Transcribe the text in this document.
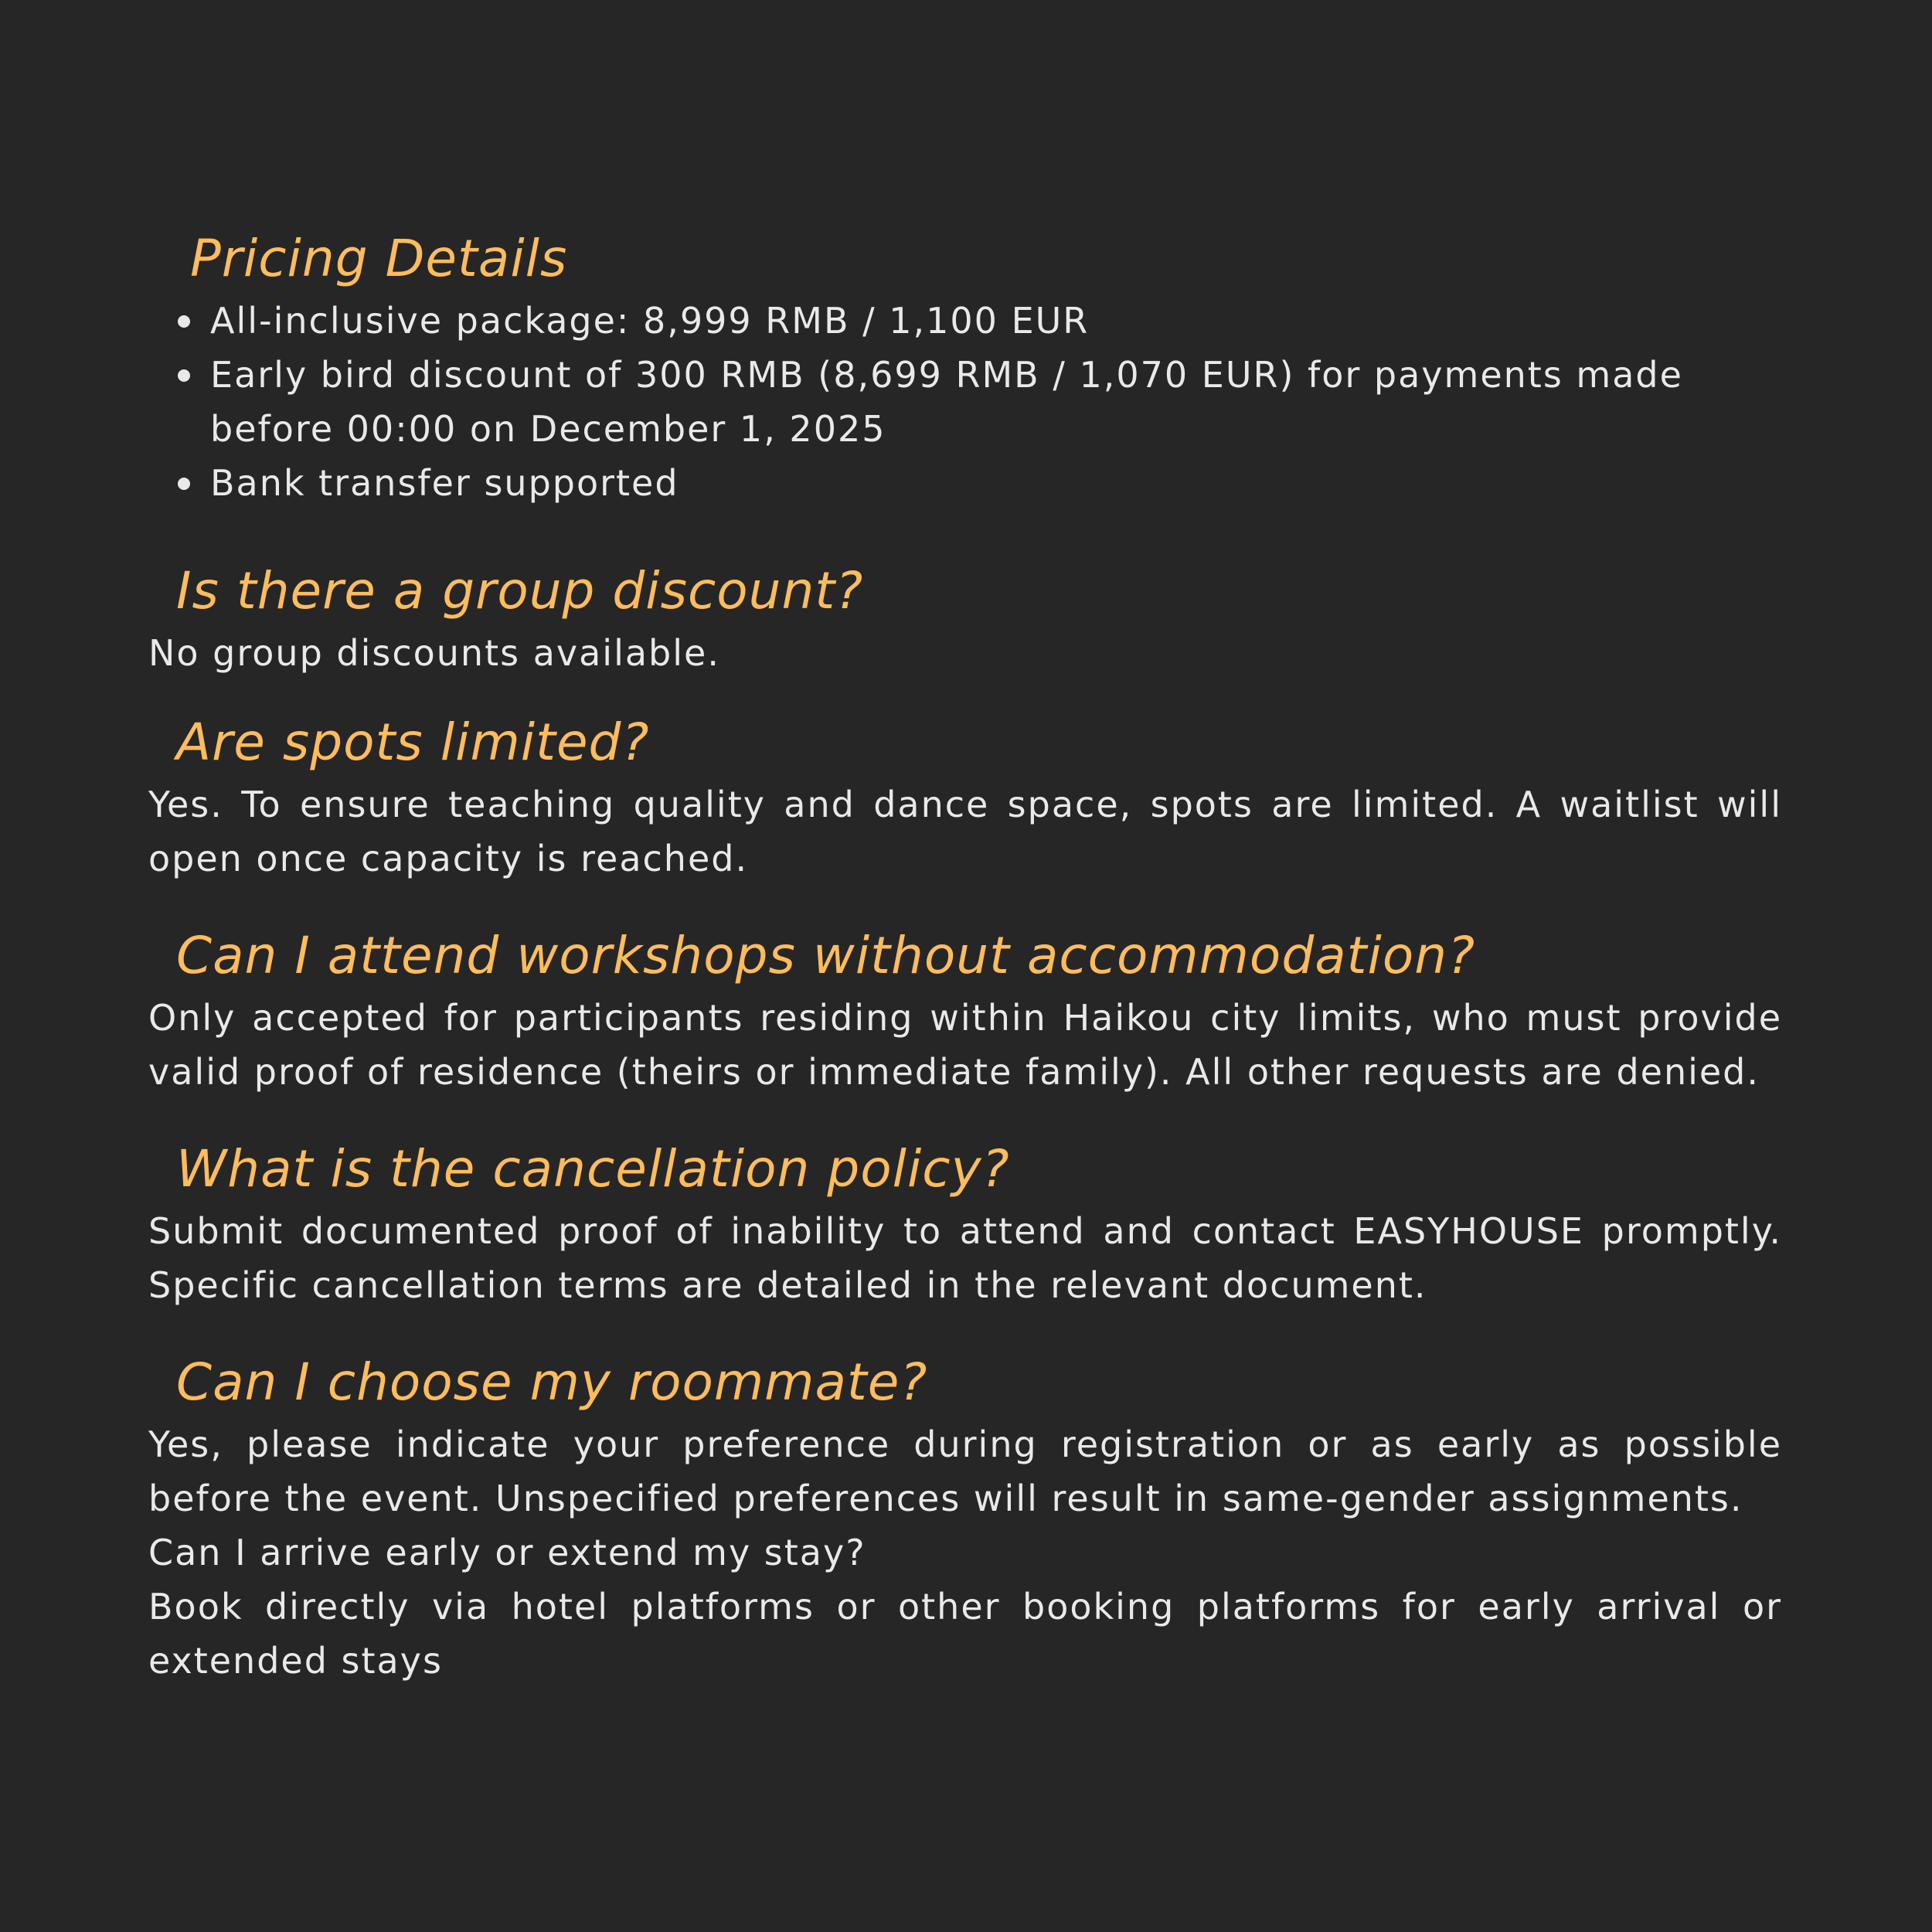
Pricing Details
All-inclusive package: 8,999 RMB / 1,100 EUR
Early bird discount of 300 RMB (8,699 RMB / 1,070 EUR) for payments made before 00:00 on December 1, 2025
Bank transfer supported
Is there a group discount?

No group discounts available.

Are spots limited?

Yes. To ensure teaching quality and dance space, spots are limited. A waitlist will open once capacity is reached.

Can I attend workshops without accommodation?

Only accepted for participants residing within Haikou city limits, who must provide valid proof of residence (theirs or immediate family). All other requests are denied.

What is the cancellation policy?

Submit documented proof of inability to attend and contact EASYHOUSE promptly. Specific cancellation terms are detailed in the relevant document.

Can I choose my roommate?

Yes, please indicate your preference during registration or as early as possible before the event. Unspecified preferences will result in same-gender assignments.

Can I arrive early or extend my stay?

Book directly via hotel platforms or other booking platforms for early arrival or extended stays
